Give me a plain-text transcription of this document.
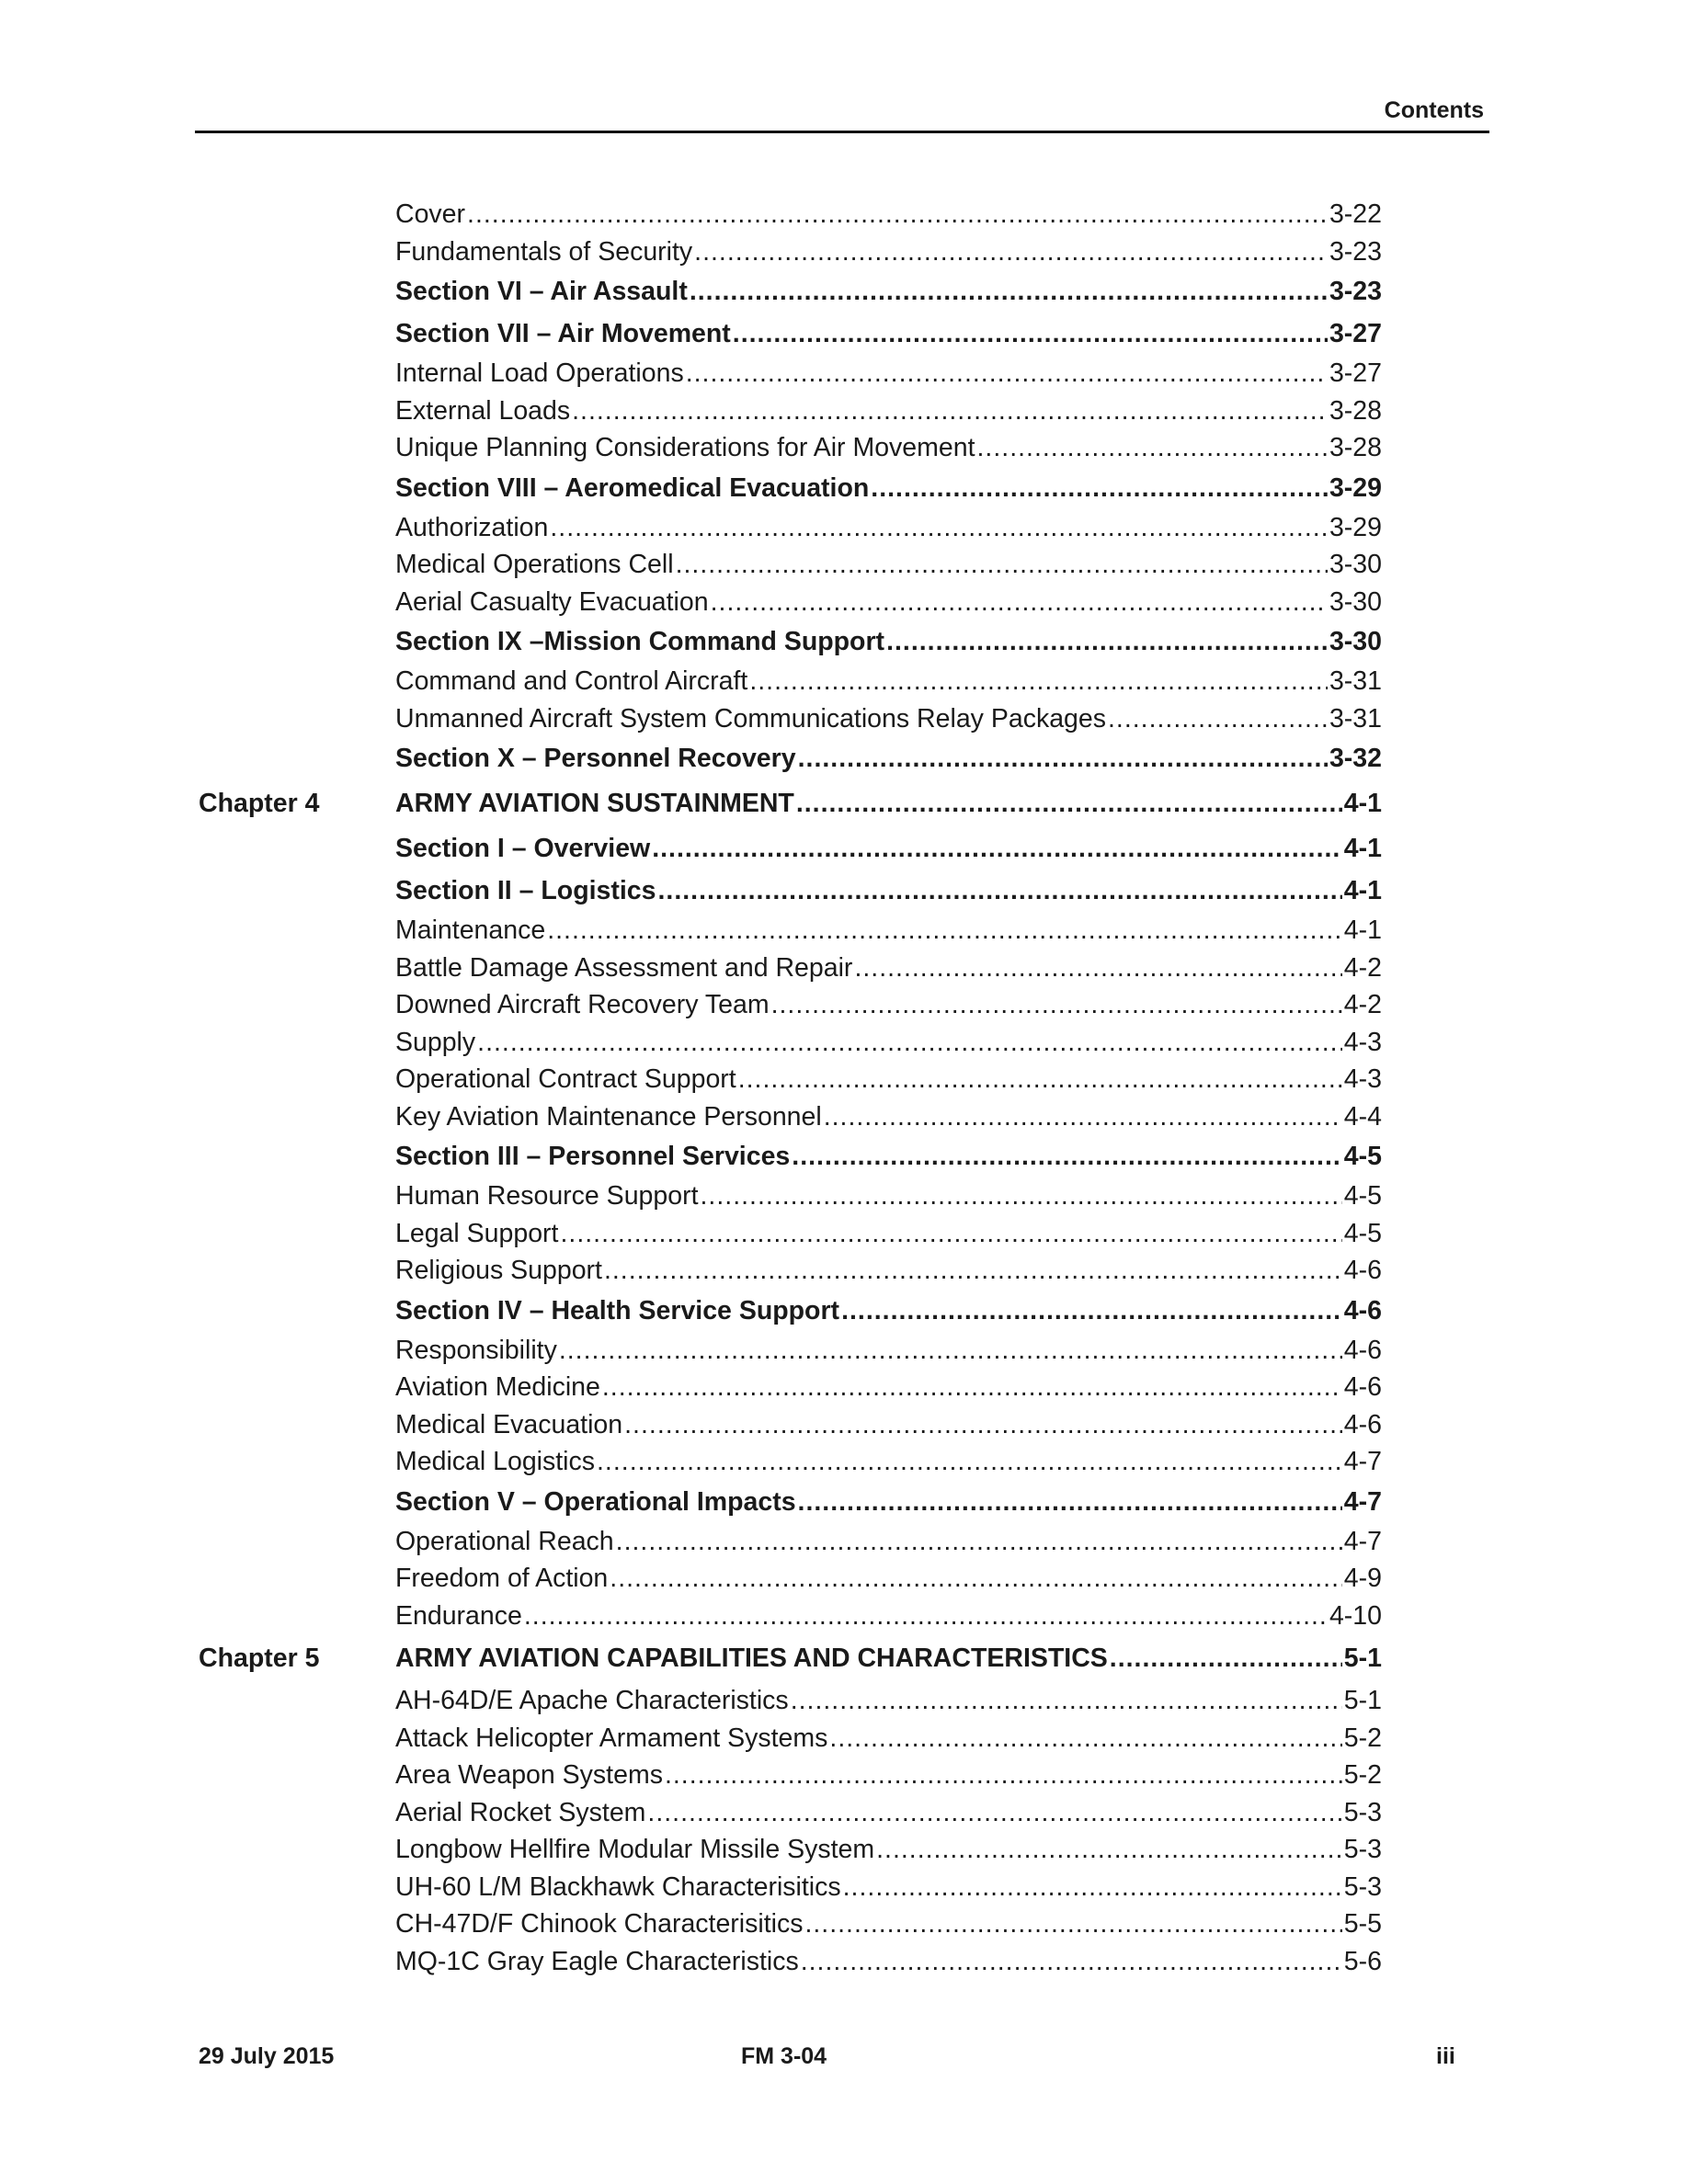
Contents
Cover .....	3-22
Fundamentals of Security .....	3-23
Section VI – Air Assault .....	3-23
Section VII – Air Movement .....	3-27
Internal Load Operations .....	3-27
External Loads .....	3-28
Unique Planning Considerations for Air Movement .....	3-28
Section VIII – Aeromedical Evacuation .....	3-29
Authorization .....	3-29
Medical Operations Cell .....	3-30
Aerial Casualty Evacuation .....	3-30
Section IX –Mission Command Support .....	3-30
Command and Control Aircraft .....	3-31
Unmanned Aircraft System Communications Relay Packages .....	3-31
Section X – Personnel Recovery .....	3-32
Chapter 4	ARMY AVIATION SUSTAINMENT .....	4-1
Section I – Overview .....	4-1
Section II – Logistics .....	4-1
Maintenance .....	4-1
Battle Damage Assessment and Repair .....	4-2
Downed Aircraft Recovery Team .....	4-2
Supply .....	4-3
Operational Contract Support .....	4-3
Key Aviation Maintenance Personnel .....	4-4
Section III – Personnel Services .....	4-5
Human Resource Support .....	4-5
Legal Support .....	4-5
Religious Support .....	4-6
Section IV – Health Service Support .....	4-6
Responsibility .....	4-6
Aviation Medicine .....	4-6
Medical Evacuation .....	4-6
Medical Logistics .....	4-7
Section V – Operational Impacts .....	4-7
Operational Reach .....	4-7
Freedom of Action .....	4-9
Endurance .....	4-10
Chapter 5	ARMY AVIATION CAPABILITIES AND CHARACTERISTICS .....	5-1
AH-64D/E Apache Characteristics .....	5-1
Attack Helicopter Armament Systems .....	5-2
Area Weapon Systems .....	5-2
Aerial Rocket System .....	5-3
Longbow Hellfire Modular Missile System .....	5-3
UH-60 L/M Blackhawk Characterisitics .....	5-3
CH-47D/F Chinook Characterisitics .....	5-5
MQ-1C Gray Eagle Characteristics .....	5-6
29 July 2015	FM 3-04	iii
